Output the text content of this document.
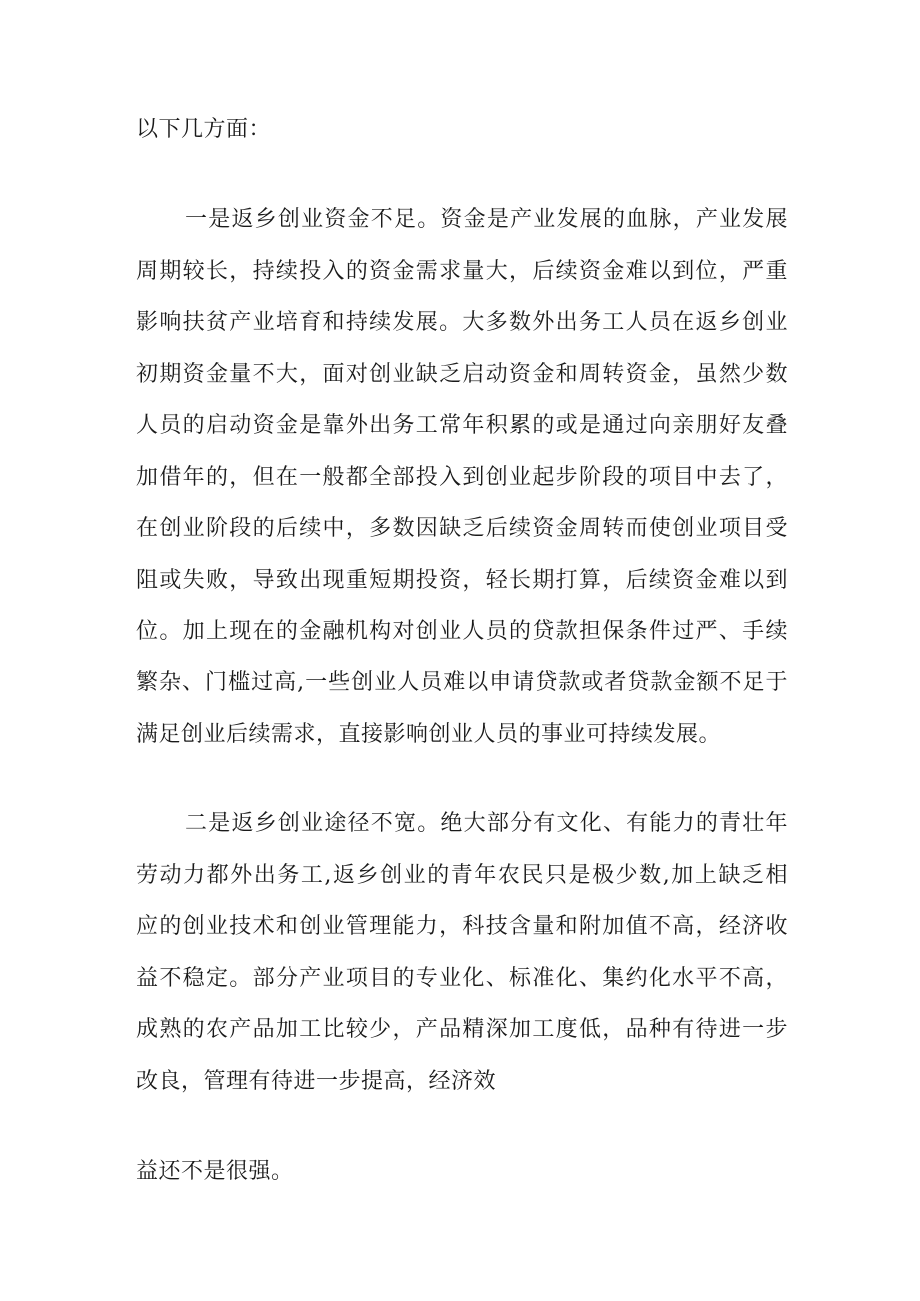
以下几方面：
一是返乡创业资金不足。资金是产业发展的血脉，产业发展
周期较长，持续投入的资金需求量大，后续资金难以到位，严重
影响扶贫产业培育和持续发展。大多数外出务工人员在返乡创业
初期资金量不大，面对创业缺乏启动资金和周转资金，虽然少数
人员的启动资金是靠外出务工常年积累的或是通过向亲朋好友叠
加借年的，但在一般都全部投入到创业起步阶段的项目中去了，
在创业阶段的后续中，多数因缺乏后续资金周转而使创业项目受
阻或失败，导致出现重短期投资，轻长期打算，后续资金难以到
位。加上现在的金融机构对创业人员的贷款担保条件过严、手续
繁杂、门槛过高,一些创业人员难以申请贷款或者贷款金额不足于
满足创业后续需求，直接影响创业人员的事业可持续发展。
二是返乡创业途径不宽。绝大部分有文化、有能力的青壮年
劳动力都外出务工,返乡创业的青年农民只是极少数,加上缺乏相
应的创业技术和创业管理能力，科技含量和附加值不高，经济收
益不稳定。部分产业项目的专业化、标准化、集约化水平不高，
成熟的农产品加工比较少，产品精深加工度低，品种有待进一步
改良，管理有待进一步提高，经济效
益还不是很强。
